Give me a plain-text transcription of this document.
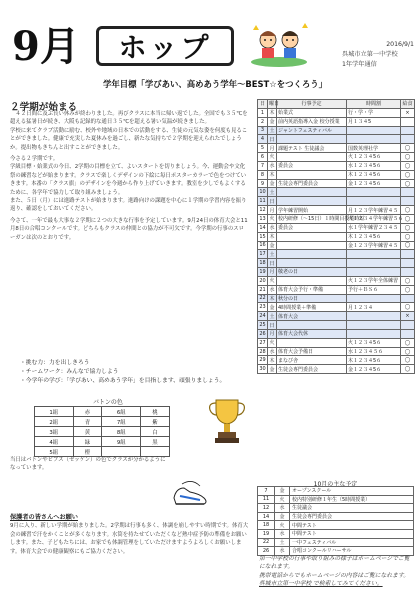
9月	ホップ	2016/9/1
呉城市立第一中学校
1年学年通信
学年目標「学びあい、高めあう学年～BEST☆をつくろう」
２学期が始まる

　４２日間に及ぶ長い休みが終わりました。再びクラスに本当に帰い返でした。全国でも３５℃を超える猛暑日が続き、大阪も記録的な通日３５℃を超える暑い気温が続きました。

学校に来てクラブ活動に励む、校外や地域の日本での活動をする、生徒の元気な姿を何度も見ることができました。健康で充実した夏休みを過ごし、新たな気持ちで２学期を迎えられたでしょうか。提出物もきちんと出すことができました。

今さる２学期です。

学級目標・始業式の今日、2学期の目標を立て、よいスタートを切りましょう。今、運動会や文化祭の練習などが始まります。クラスで楽しくデザインの下絵に毎日ポスターカラーで色をつけていきます。本番の「クラス旗」のデザインを今週から作り上げていきます。教室を少しでもよくするために、各学年で協力して取り組みましょう。

また、５日（月）には進路テストが始まります。進路向けの課題を中心に１学期の学習内容を振り返り、確認をしておいてください。

今さて、一年で最も大事な２学期に２つの大きな行事を予定しています。9月24日の体育大会と11月8日の合唱コンクールです。どちらもクラスの仲間との協力が不可欠です。今学期の行事のスローガンは次のとおりです。

・挑む力：力を出しきろう
・チームワーク：みんなで協力しよう
・今学年の学び：「学びあい、高めあう学年」を目指します、頑張りましょう。
バトンの色
1組	赤	6組	桃
2組	青	7組	紫
3組	黄	8組	白
4組	緑	9組	黒
5組	橙		

当日はバトンやビブス（ゼッケン）の色でクラスが分かるようになっています。

保護者の皆さんへお願い
9月に入り、新しい学期が始まりました。2学期は行事も多く、体調を崩しやすい時期です。体育大会の練習で汗をかくことが多くなります。水筒を持たせていただくなど熱中症予防の準備をお願いします。また、子どもたちには、お家でも体調管理をしていただけますようよろしくお願いします。体育大会での健康観察にもご協力ください。
日	曜日	行事予定	時間割	給食
1	木	始業式	行・学・学	×
2	金	前内英語指導入金 校分授業	月１３４5	
3	土	ジャントフェスティバル		
4	日			
5	月	課題テスト 生徒議会	国数英理社学	◯
6	火		火１２３４5６	◯
7	水	委員会	水１２３４5６	◯
8	木		木１２３４5６	◯
9	金	生徒会専門委員会	金１２３４5６	◯
10	土			
11	日			
12	月	学年練習開始	月１２３学年練習４５	◯
13	火	校内研修（～15日）１時間目授業時短	火１２３４学年練習５６	◯
14	水	委員会	水１学年練習２３４５	◯
15	木		木１２３４5６	◯
16	金		金１２３学年練習４５	◯
17	土			
18	日			
19	月	敬老の日		
20	火		火１２３学年全体練習	◯
21	水	体育大会予行・準備	予行＋ＢＳ６	◯
22	木	秋分の日		
23	金	4時間授業＋準備	月１２３４	◯
24	土	体育大会		×
25	日			
26	月	体育大会代休		
27	火		火１２３４5６	◯
28	水	体育大会予備日	水１２３４５６	◯
29	木	まなび舎	木１２３４5６	◯
30	金	生徒会専門委員会	金１２３４5６	◯
10月の主な予定
7	金	オープンスクール
11	火	校内特別研修１年生（5時間授業）
12	水	生徒議会
14	金	生徒会専門委員会
18	火	中間テスト
19	水	中間テスト
22	土	一中フェスティバル
26	水	合唱コンクールリハーサル
第一中学校の行事や取り組みの様子はホームページでご覧になれます。
携帯電話からでもホームページの内容はご覧になれます。
呉城市立第一中学校 で検索してみてください。
